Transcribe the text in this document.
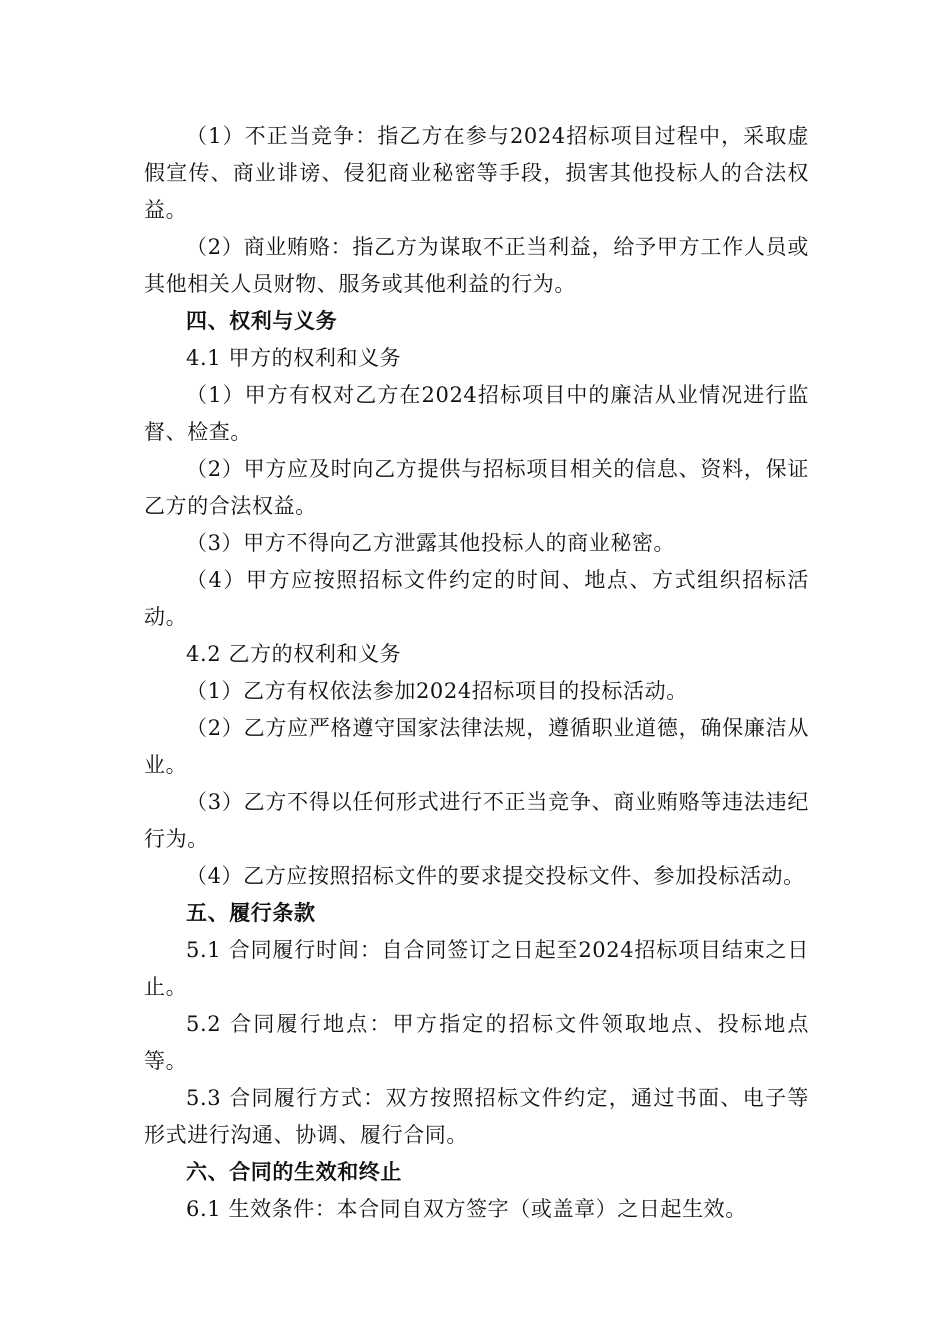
（1）不正当竞争：指乙方在参与2024招标项目过程中，采取虚假宣传、商业诽谤、侵犯商业秘密等手段，损害其他投标人的合法权益。

（2）商业贿赂：指乙方为谋取不正当利益，给予甲方工作人员或其他相关人员财物、服务或其他利益的行为。

四、权利与义务

4.1 甲方的权利和义务

（1）甲方有权对乙方在2024招标项目中的廉洁从业情况进行监督、检查。

（2）甲方应及时向乙方提供与招标项目相关的信息、资料，保证乙方的合法权益。

（3）甲方不得向乙方泄露其他投标人的商业秘密。

（4）甲方应按照招标文件约定的时间、地点、方式组织招标活动。

4.2 乙方的权利和义务

（1）乙方有权依法参加2024招标项目的投标活动。

（2）乙方应严格遵守国家法律法规，遵循职业道德，确保廉洁从业。

（3）乙方不得以任何形式进行不正当竞争、商业贿赂等违法违纪行为。

（4）乙方应按照招标文件的要求提交投标文件、参加投标活动。

五、履行条款

5.1 合同履行时间：自合同签订之日起至2024招标项目结束之日止。

5.2 合同履行地点：甲方指定的招标文件领取地点、投标地点等。

5.3 合同履行方式：双方按照招标文件约定，通过书面、电子等形式进行沟通、协调、履行合同。

六、合同的生效和终止

6.1 生效条件：本合同自双方签字（或盖章）之日起生效。
